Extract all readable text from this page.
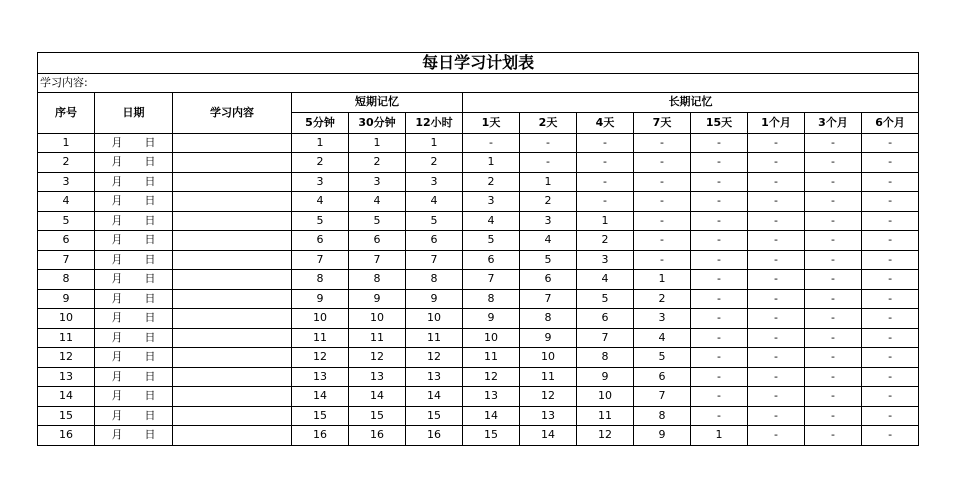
每日学习计划表													
学习内容:													
序号	日期	学习内容	短期记忆			长期记忆							
			5分钟	30分钟	12小时	1天	2天	4天	7天	15天	1个月	3个月	6个月
1	月 日		1	1	1	-	-	-	-	-	-	-	-
2	月 日		2	2	2	1	-	-	-	-	-	-	-
3	月 日		3	3	3	2	1	-	-	-	-	-	-
4	月 日		4	4	4	3	2	-	-	-	-	-	-
5	月 日		5	5	5	4	3	1	-	-	-	-	-
6	月 日		6	6	6	5	4	2	-	-	-	-	-
7	月 日		7	7	7	6	5	3	-	-	-	-	-
8	月 日		8	8	8	7	6	4	1	-	-	-	-
9	月 日		9	9	9	8	7	5	2	-	-	-	-
10	月 日		10	10	10	9	8	6	3	-	-	-	-
11	月 日		11	11	11	10	9	7	4	-	-	-	-
12	月 日		12	12	12	11	10	8	5	-	-	-	-
13	月 日		13	13	13	12	11	9	6	-	-	-	-
14	月 日		14	14	14	13	12	10	7	-	-	-	-
15	月 日		15	15	15	14	13	11	8	-	-	-	-
16	月 日		16	16	16	15	14	12	9	1	-	-	-
